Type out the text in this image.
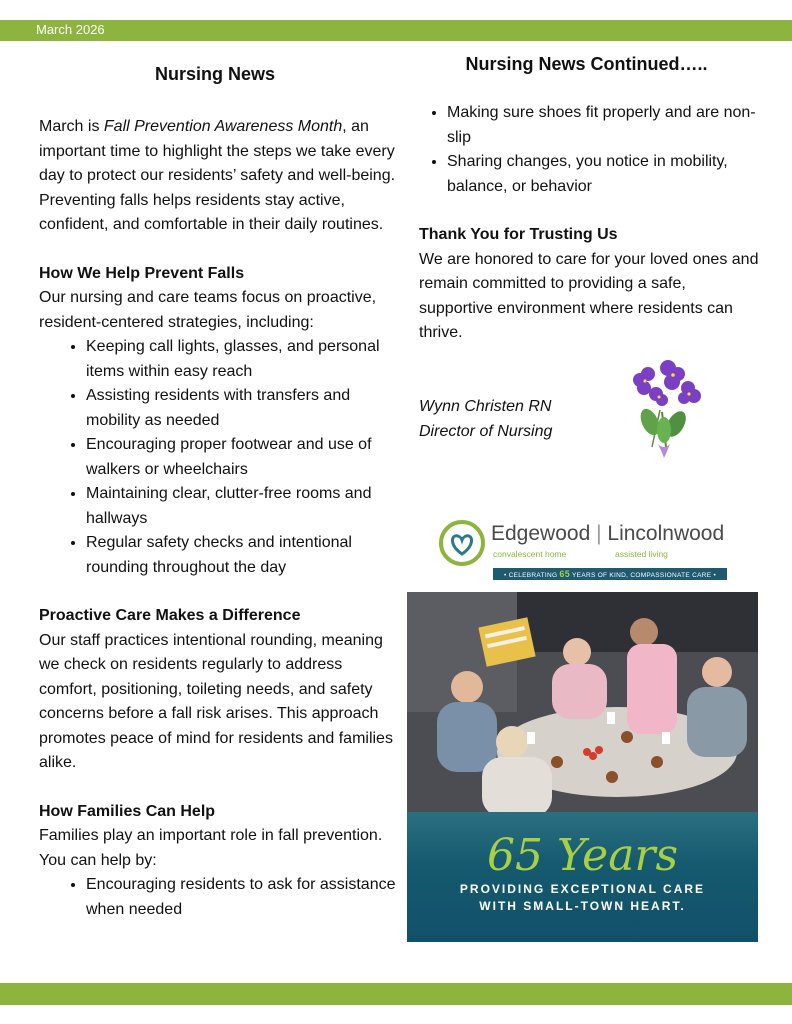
March 2026
Nursing News

March is Fall Prevention Awareness Month, an important time to highlight the steps we take every day to protect our residents’ safety and well-being. Preventing falls helps residents stay active, confident, and comfortable in their daily routines.

How We Help Prevent Falls

Our nursing and care teams focus on proactive, resident-centered strategies, including:

• Keeping call lights, glasses, and personal items within easy reach
• Assisting residents with transfers and mobility as needed
• Encouraging proper footwear and use of walkers or wheelchairs
• Maintaining clear, clutter-free rooms and hallways
• Regular safety checks and intentional rounding throughout the day
Proactive Care Makes a Difference

Our staff practices intentional rounding, meaning we check on residents regularly to address comfort, positioning, toileting needs, and safety concerns before a fall risk arises. This approach promotes peace of mind for residents and families alike.

How Families Can Help

Families play an important role in fall prevention. You can help by:

• Encouraging residents to ask for assistance when needed
Nursing News Continued…..
• Making sure shoes fit properly and are non-slip
• Sharing changes, you notice in mobility, balance, or behavior
Thank You for Trusting Us

We are honored to care for your loved ones and remain committed to providing a safe, supportive environment where residents can thrive.

Wynn Christen RN
Director of Nursing
Edgewood | Lincolnwood
convalescent home	assisted living
• CELEBRATING 65 YEARS OF KIND, COMPASSIONATE CARE •
65 Years
PROVIDING EXCEPTIONAL CARE
WITH SMALL-TOWN HEART.
